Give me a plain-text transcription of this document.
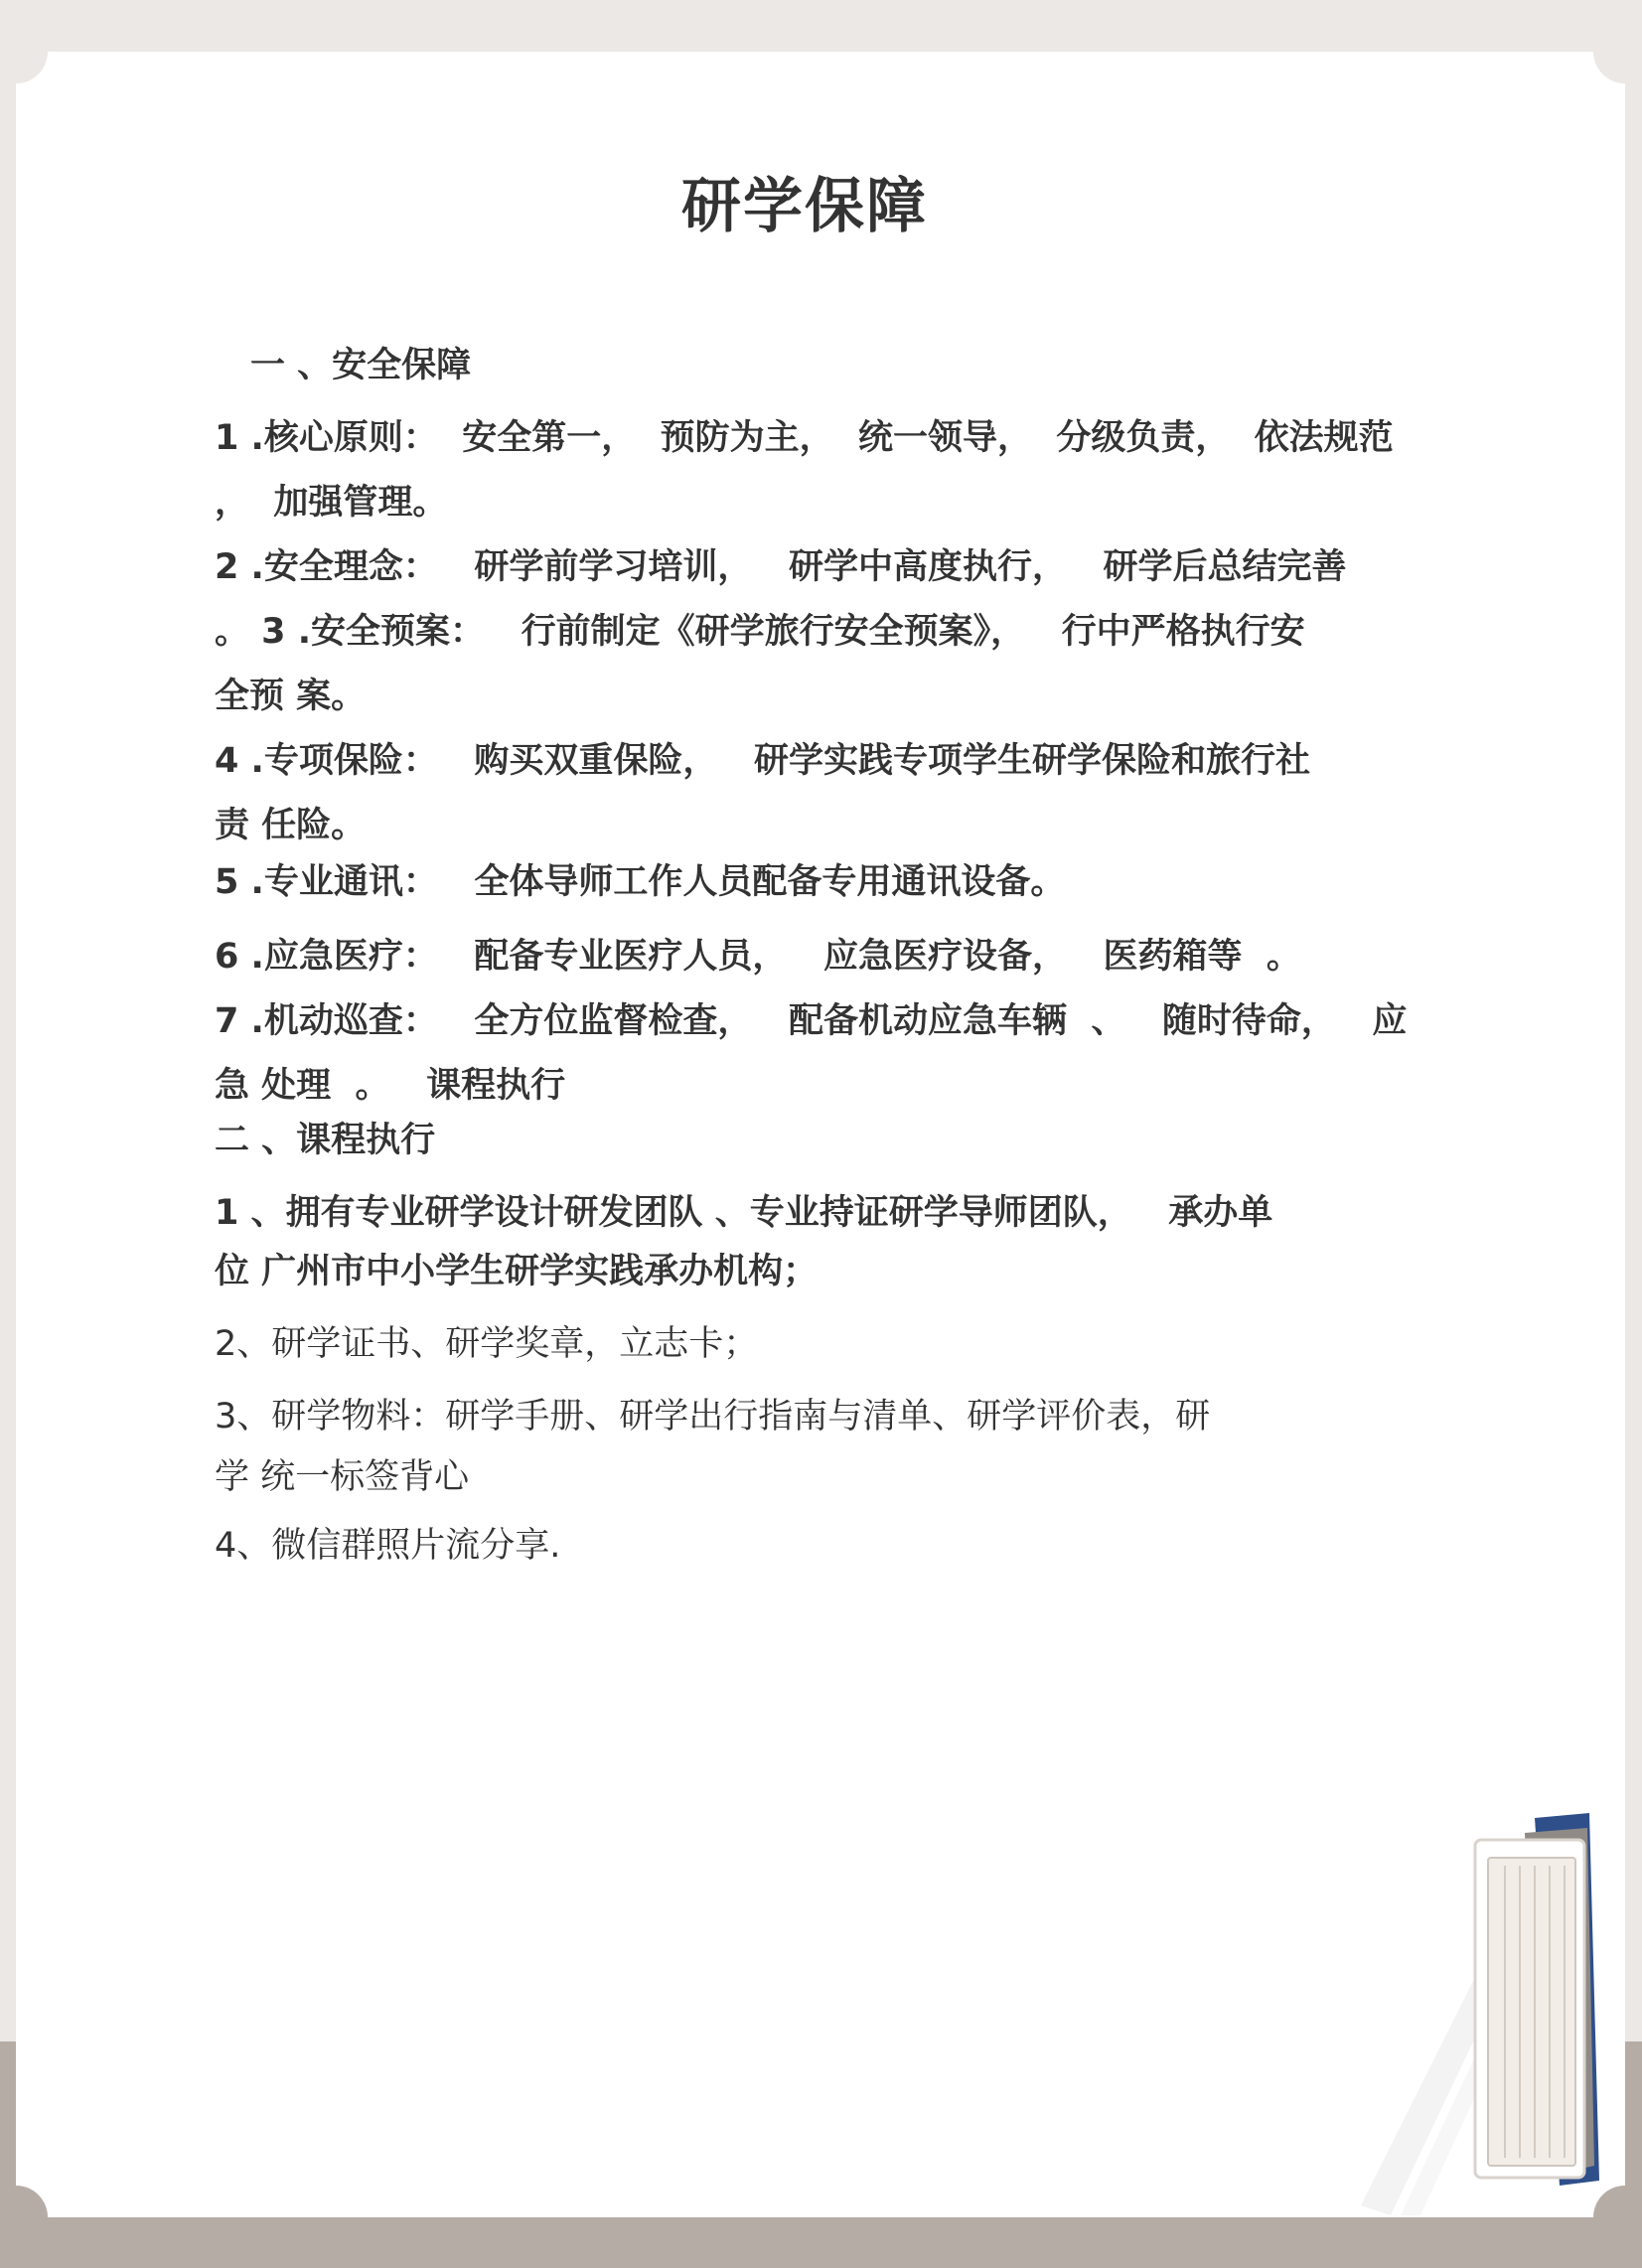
研学保障
一 、安全保障
1 .核心原则：  安全第一，  预防为主，  统一领导，  分级负责，  依法规范
，  加强管理。
2 .安全理念：   研学前学习培训，   研学中高度执行，   研学后总结完善
。 3 .安全预案：   行前制定《研学旅行安全预案》，   行中严格执行安
全预 案。
4 .专项保险：   购买双重保险，   研学实践专项学生研学保险和旅行社
责 任险。
5 .专业通讯：   全体导师工作人员配备专用通讯设备。
6 .应急医疗：   配备专业医疗人员，   应急医疗设备，   医药箱等  。
7 .机动巡查：   全方位监督检查，   配备机动应急车辆  、   随时待命，   应
急 处理  。   课程执行
二 、课程执行
1 、拥有专业研学设计研发团队 、专业持证研学导师团队，   承办单
位 广州市中小学生研学实践承办机构；
2、研学证书、研学奖章，立志卡；
3、研学物料：研学手册、研学出行指南与清单、研学评价表，研
学 统一标签背心
4、微信群照片流分享.
